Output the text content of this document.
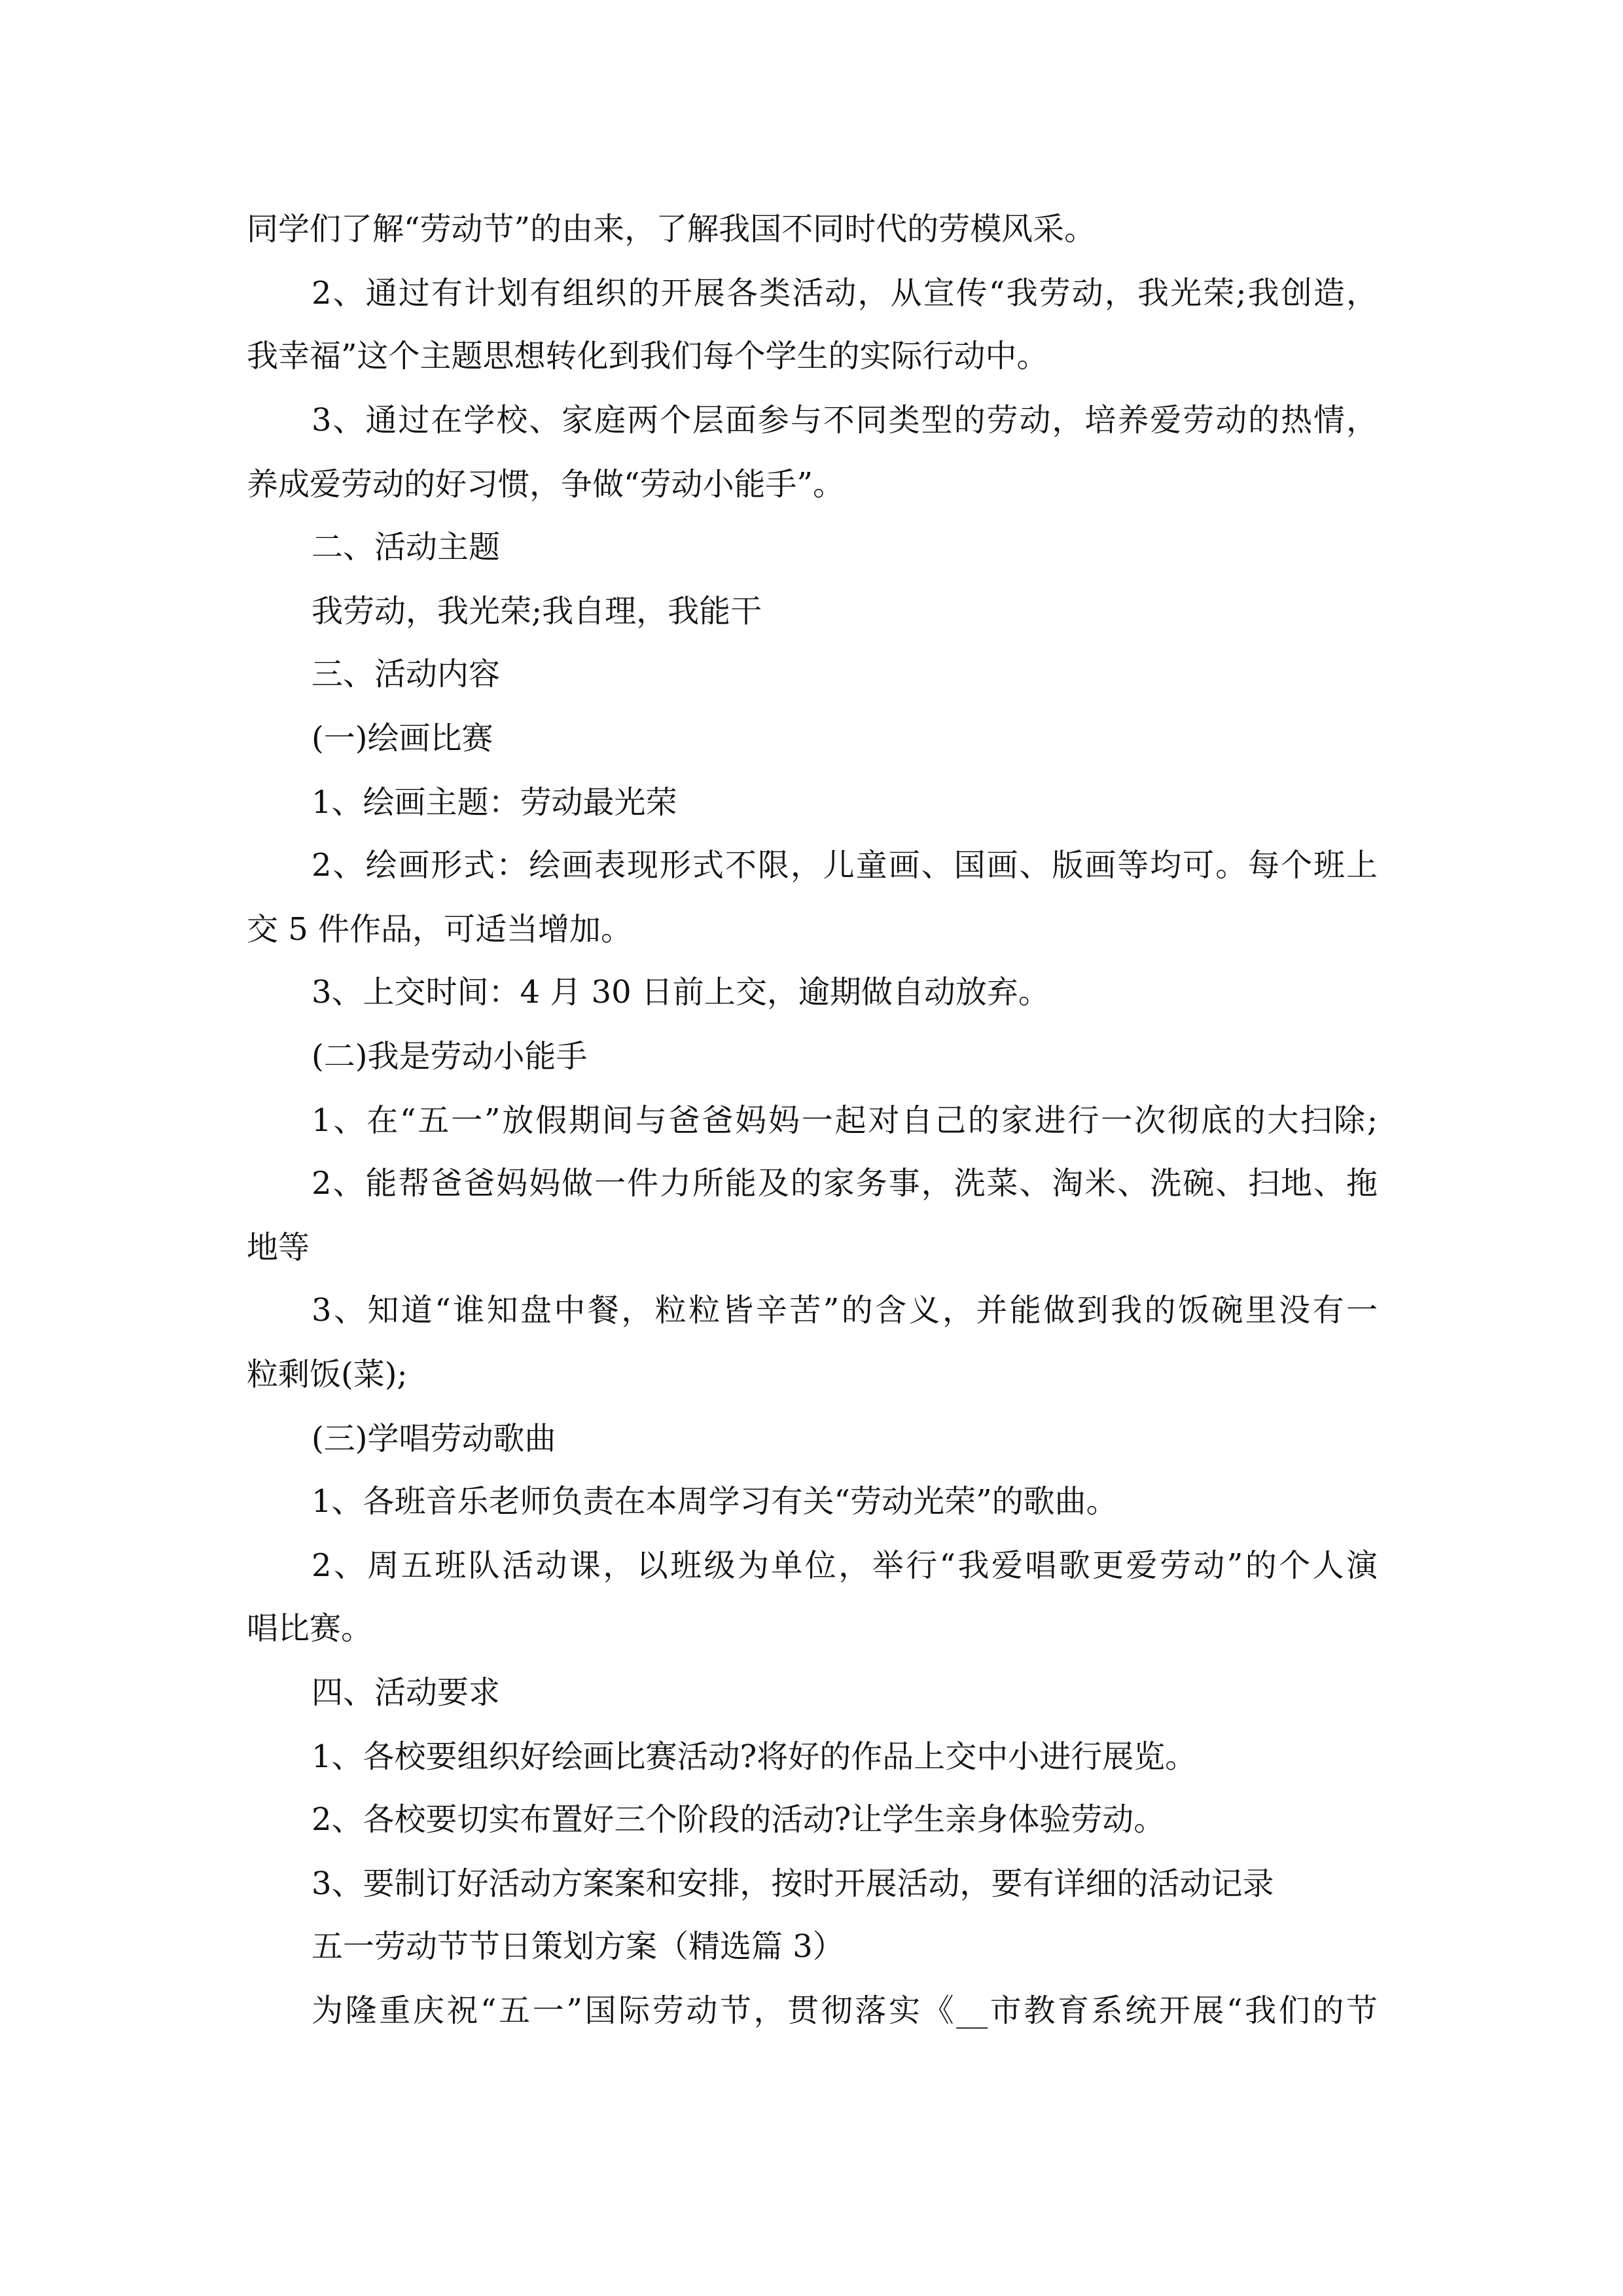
同学们了解“劳动节”的由来，了解我国不同时代的劳模风采。
2、通过有计划有组织的开展各类活动，从宣传“我劳动，我光荣;我创造，
我幸福”这个主题思想转化到我们每个学生的实际行动中。
3、通过在学校、家庭两个层面参与不同类型的劳动，培养爱劳动的热情，
养成爱劳动的好习惯，争做“劳动小能手”。
二、活动主题
我劳动，我光荣;我自理，我能干
三、活动内容
(一)绘画比赛
1、绘画主题：劳动最光荣
2、绘画形式：绘画表现形式不限，儿童画、国画、版画等均可。每个班上
交 5 件作品，可适当增加。
3、上交时间：4 月 30 日前上交，逾期做自动放弃。
(二)我是劳动小能手
1、在“五一”放假期间与爸爸妈妈一起对自己的家进行一次彻底的大扫除;
2、能帮爸爸妈妈做一件力所能及的家务事，洗菜、淘米、洗碗、扫地、拖
地等
3、知道“谁知盘中餐，粒粒皆辛苦”的含义，并能做到我的饭碗里没有一
粒剩饭(菜);
(三)学唱劳动歌曲
1、各班音乐老师负责在本周学习有关“劳动光荣”的歌曲。
2、周五班队活动课，以班级为单位，举行“我爱唱歌更爱劳动”的个人演
唱比赛。
四、活动要求
1、各校要组织好绘画比赛活动?将好的作品上交中小进行展览。
2、各校要切实布置好三个阶段的活动?让学生亲身体验劳动。
3、要制订好活动方案案和安排，按时开展活动，要有详细的活动记录
五一劳动节节日策划方案（精选篇 3）
为隆重庆祝“五一”国际劳动节，贯彻落实《__市教育系统开展“我们的节
